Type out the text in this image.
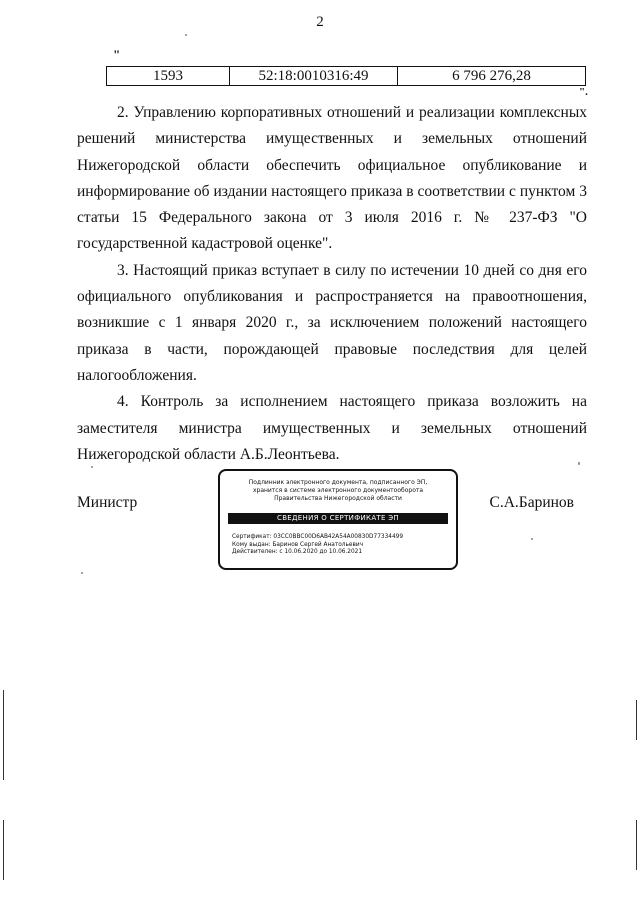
2
"
1593	52:18:0010316:49	6 796 276,28
".

2. Управлению корпоративных отношений и реализации комплексных решений министерства имущественных и земельных отношений Нижегородской области обеспечить официальное опубликование и информирование об издании настоящего приказа в соответствии с пунктом 3 статьи 15 Федерального закона от 3 июля 2016 г. № 237-ФЗ "О государственной кадастровой оценке".

3. Настоящий приказ вступает в силу по истечении 10 дней со дня его официального опубликования и распространяется на правоотношения, возникшие с 1 января 2020 г., за исключением положений настоящего приказа в части, порождающей правовые последствия для целей налогообложения.

4. Контроль за исполнением настоящего приказа возложить на заместителя министра имущественных и земельных отношений Нижегородской области А.Б.Леонтьева.

Министр	С.А.Баринов
Подлинник электронного документа, подписанного ЭП,
хранится в системе электронного документооборота
Правительства Нижегородской области
СВЕДЕНИЯ О СЕРТИФИКАТЕ ЭП
Сертификат: 03CC0BBC00D6AB42A54A00830D77334499
Кому выдан: Баринов Сергей Анатольевич
Действителен: с 10.06.2020 до 10.06.2021
